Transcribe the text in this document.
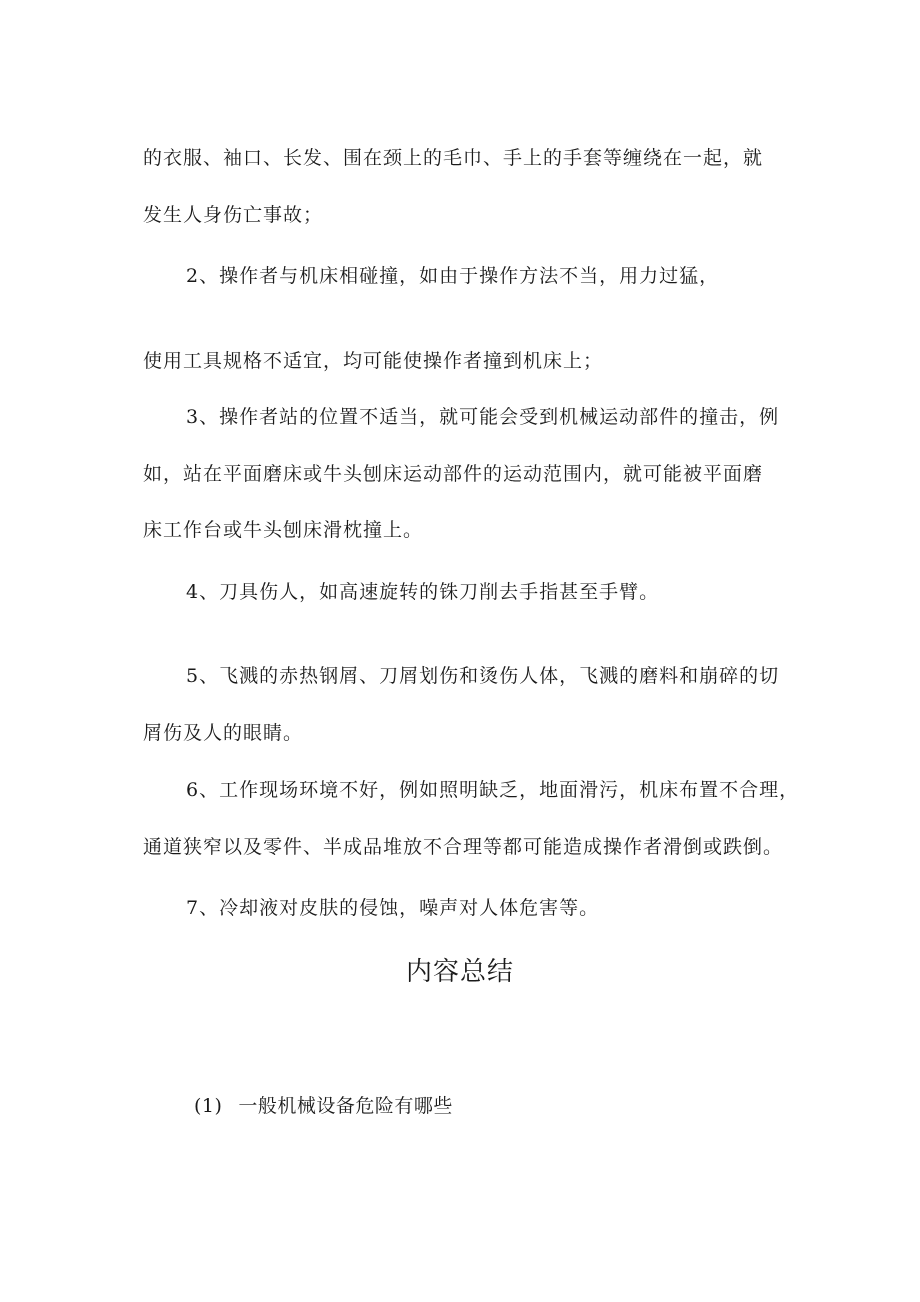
的衣服、袖口、长发、围在颈上的毛巾、手上的手套等缠绕在一起，就
发生人身伤亡事故；
2、操作者与机床相碰撞，如由于操作方法不当，用力过猛，
使用工具规格不适宜，均可能使操作者撞到机床上；
3、操作者站的位置不适当，就可能会受到机械运动部件的撞击，例
如，站在平面磨床或牛头刨床运动部件的运动范围内，就可能被平面磨
床工作台或牛头刨床滑枕撞上。
4、刀具伤人，如高速旋转的铢刀削去手指甚至手臂。
5、飞溅的赤热钢屑、刀屑划伤和烫伤人体，飞溅的磨料和崩碎的切
屑伤及人的眼睛。
6、工作现场环境不好，例如照明缺乏，地面滑污，机床布置不合理，
通道狭窄以及零件、半成品堆放不合理等都可能造成操作者滑倒或跌倒。
7、冷却液对皮肤的侵蚀，噪声对人体危害等。
内容总结
(1) 一般机械设备危险有哪些
